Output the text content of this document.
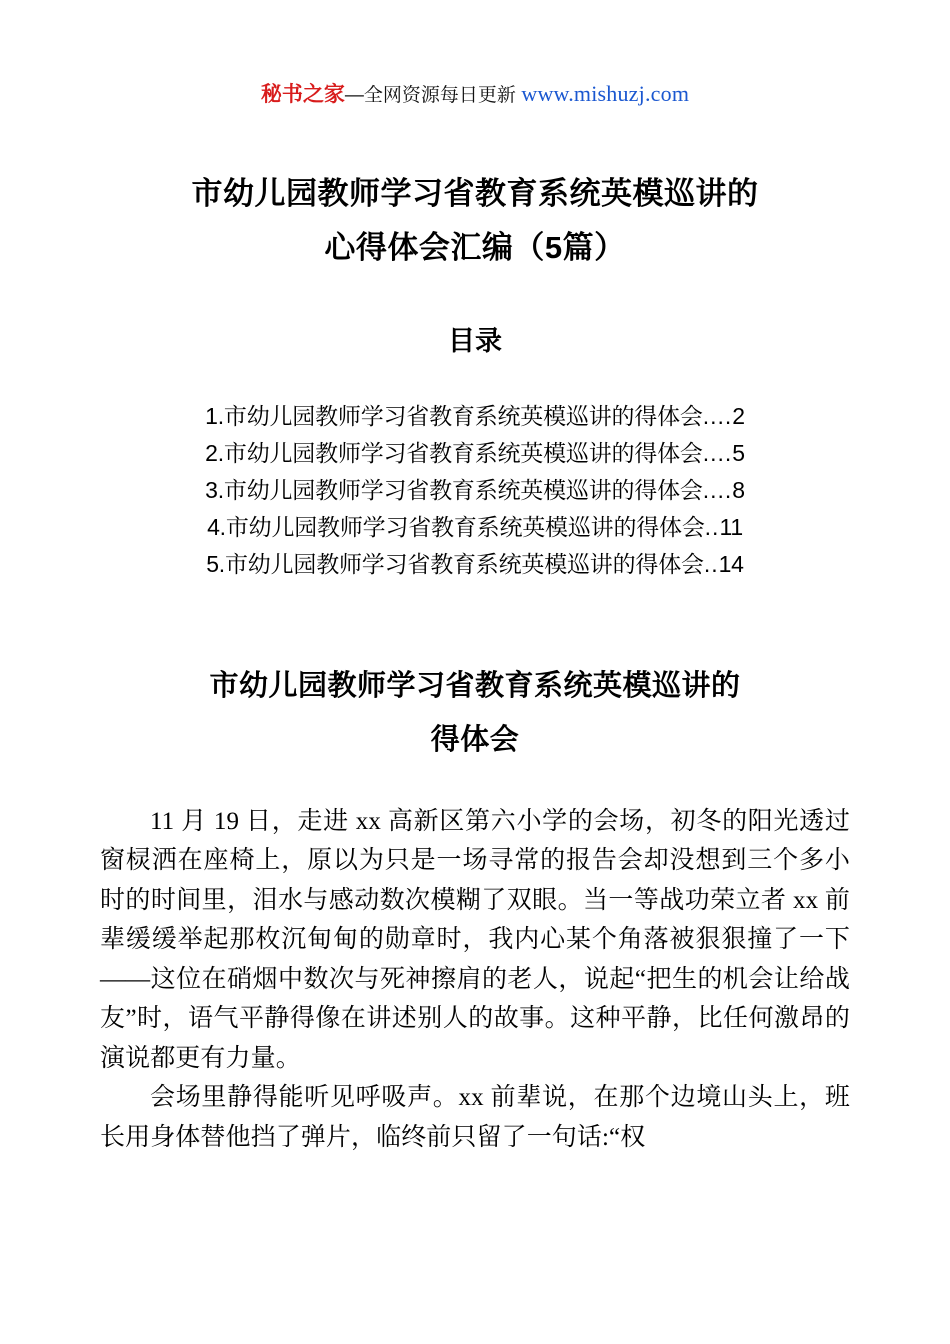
秘书之家—全网资源每日更新 www.mishuzj.com
市幼儿园教师学习省教育系统英模巡讲的
心得体会汇编（5篇）
目录
1.市幼儿园教师学习省教育系统英模巡讲的得体会....2
2.市幼儿园教师学习省教育系统英模巡讲的得体会....5
3.市幼儿园教师学习省教育系统英模巡讲的得体会....8
4.市幼儿园教师学习省教育系统英模巡讲的得体会..11
5.市幼儿园教师学习省教育系统英模巡讲的得体会..14
市幼儿园教师学习省教育系统英模巡讲的
得体会

11 月 19 日，走进 xx 高新区第六小学的会场，初冬的阳光透过窗棂洒在座椅上，原以为只是一场寻常的报告会却没想到三个多小时的时间里，泪水与感动数次模糊了双眼。当一等战功荣立者 xx 前辈缓缓举起那枚沉甸甸的勋章时，我内心某个角落被狠狠撞了一下——这位在硝烟中数次与死神擦肩的老人，说起“把生的机会让给战友”时，语气平静得像在讲述别人的故事。这种平静，比任何激昂的演说都更有力量。

会场里静得能听见呼吸声。xx 前辈说，在那个边境山头上，班长用身体替他挡了弹片，临终前只留了一句话:“权
